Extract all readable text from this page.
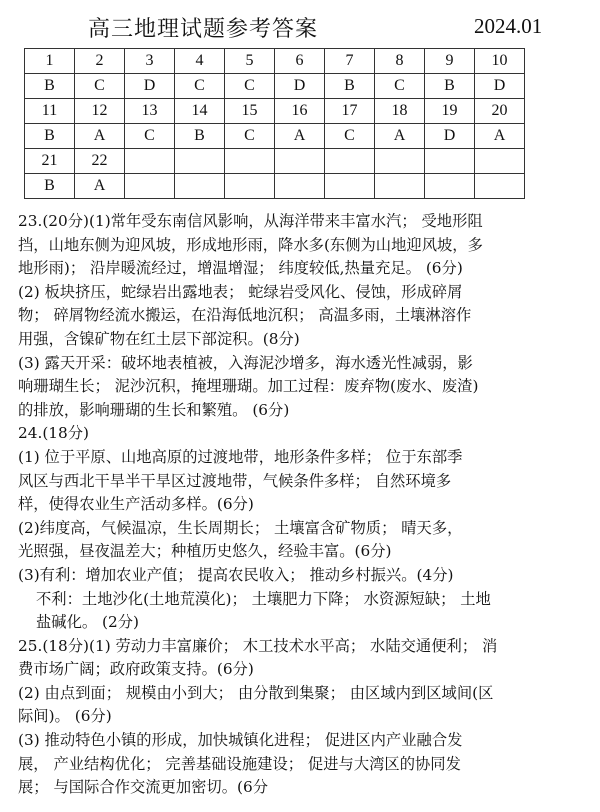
高三地理试题参考答案	2024.01
1	2	3	4	5	6	7	8	9	10
B	C	D	C	C	D	B	C	B	D
11	12	13	14	15	16	17	18	19	20
B	A	C	B	C	A	C	A	D	A
21	22								
B	A								

23.(20分)(1)常年受东南信风影响，从海洋带来丰富水汽； 受地形阻

挡，山地东侧为迎风坡，形成地形雨，降水多(东侧为山地迎风坡，多

地形雨)； 沿岸暖流经过，增温增湿； 纬度较低,热量充足。 (6分)

(2) 板块挤压，蛇绿岩出露地表； 蛇绿岩受风化、侵蚀，形成碎屑

物； 碎屑物经流水搬运，在沿海低地沉积； 高温多雨，土壤淋溶作

用强，含镍矿物在红土层下部淀积。(8分)

(3) 露天开采：破坏地表植被，入海泥沙增多，海水透光性减弱，影

响珊瑚生长； 泥沙沉积，掩埋珊瑚。加工过程：废弃物(废水、废渣)

的排放，影响珊瑚的生长和繁殖。 (6分)

24.(18分)

(1) 位于平原、山地高原的过渡地带，地形条件多样； 位于东部季

风区与西北干旱半干旱区过渡地带，气候条件多样； 自然环境多

样，使得农业生产活动多样。(6分)

(2)纬度高，气候温凉，生长周期长； 土壤富含矿物质； 晴天多，

光照强，昼夜温差大；种植历史悠久，经验丰富。(6分)

(3)有利：增加农业产值； 提高农民收入； 推动乡村振兴。(4分)

不利：土地沙化(土地荒漠化)； 土壤肥力下降； 水资源短缺； 土地

盐碱化。 (2分)

25.(18分)(1) 劳动力丰富廉价； 木工技术水平高； 水陆交通便利； 消

费市场广阔；政府政策支持。(6分)

(2) 由点到面； 规模由小到大； 由分散到集聚； 由区域内到区域间(区

际间)。 (6分)

(3) 推动特色小镇的形成，加快城镇化进程； 促进区内产业融合发

展， 产业结构优化； 完善基础设施建设； 促进与大湾区的协同发

展； 与国际合作交流更加密切。(6分
